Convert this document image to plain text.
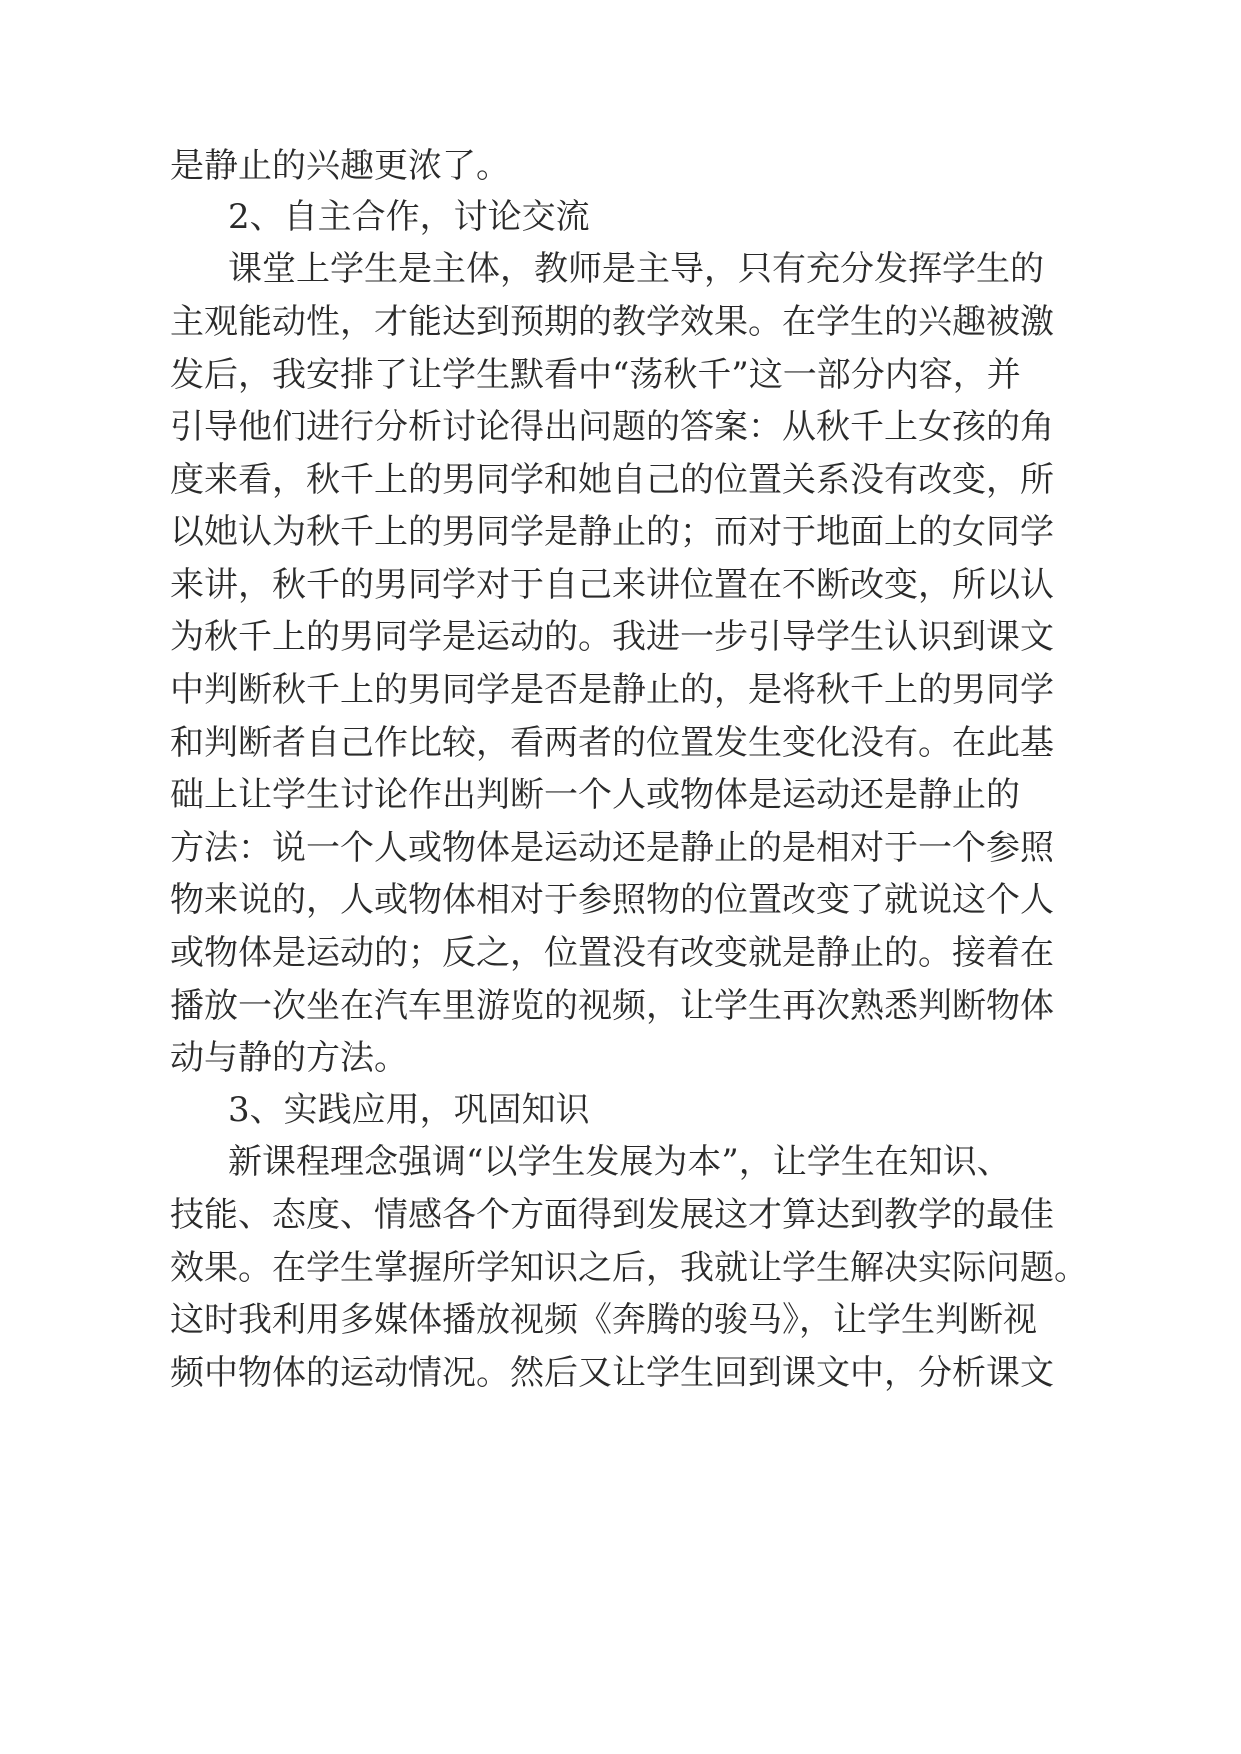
是静止的兴趣更浓了。
2、自主合作，讨论交流
课堂上学生是主体，教师是主导，只有充分发挥学生的
主观能动性，才能达到预期的教学效果。在学生的兴趣被激
发后，我安排了让学生默看中“荡秋千”这一部分内容，并
引导他们进行分析讨论得出问题的答案：从秋千上女孩的角
度来看，秋千上的男同学和她自己的位置关系没有改变，所
以她认为秋千上的男同学是静止的；而对于地面上的女同学
来讲，秋千的男同学对于自己来讲位置在不断改变，所以认
为秋千上的男同学是运动的。我进一步引导学生认识到课文
中判断秋千上的男同学是否是静止的，是将秋千上的男同学
和判断者自己作比较，看两者的位置发生变化没有。在此基
础上让学生讨论作出判断一个人或物体是运动还是静止的
方法：说一个人或物体是运动还是静止的是相对于一个参照
物来说的，人或物体相对于参照物的位置改变了就说这个人
或物体是运动的；反之，位置没有改变就是静止的。接着在
播放一次坐在汽车里游览的视频，让学生再次熟悉判断物体
动与静的方法。
3、实践应用，巩固知识
新课程理念强调“以学生发展为本”，让学生在知识、
技能、态度、情感各个方面得到发展这才算达到教学的最佳
效果。在学生掌握所学知识之后，我就让学生解决实际问题。
这时我利用多媒体播放视频《奔腾的骏马》，让学生判断视
频中物体的运动情况。然后又让学生回到课文中，分析课文
